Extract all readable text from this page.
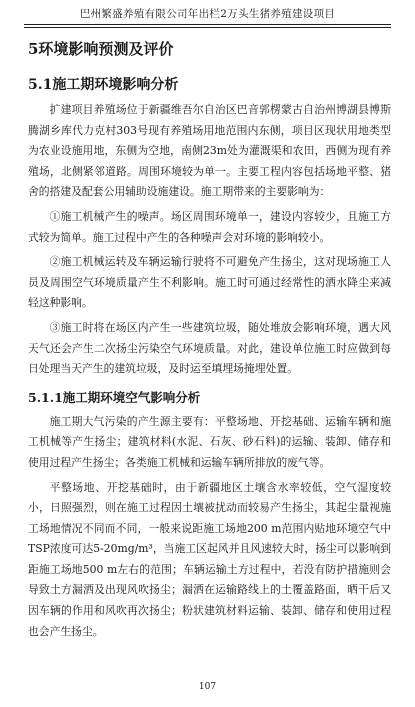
巴州繁盛养殖有限公司年出栏2万头生猪养殖建设项目
5环境影响预测及评价
5.1施工期环境影响分析

扩建项目养殖场位于新疆维吾尔自治区巴音郭楞蒙古自治州博湖县博斯腾湖乡库代力克村303号现有养殖场用地范围内东侧，项目区现状用地类型为农业设施用地，东侧为空地，南侧23m处为灌溉渠和农田，西侧为现有养殖场，北侧紧邻道路。周围环境较为单一。主要工程内容包括场地平整、猪舍的搭建及配套公用辅助设施建设。施工期带来的主要影响为：

①施工机械产生的噪声。场区周围环境单一，建设内容较少，且施工方式较为简单。施工过程中产生的各种噪声会对环境的影响较小。

②施工机械运转及车辆运输行驶将不可避免产生扬尘，这对现场施工人员及周围空气环境质量产生不利影响。施工时可通过经常性的洒水降尘来减轻这种影响。

③施工时将在场区内产生一些建筑垃圾，随处堆放会影响环境，遇大风天气还会产生二次扬尘污染空气环境质量。对此，建设单位施工时应做到每日处理当天产生的建筑垃圾，及时运至填埋场掩埋处置。

5.1.1施工期环境空气影响分析

施工期大气污染的产生源主要有：平整场地、开挖基础、运输车辆和施工机械等产生扬尘；建筑材料(水泥、石灰、砂石料)的运输、装卸、储存和使用过程产生扬尘；各类施工机械和运输车辆所排放的废气等。

平整场地、开挖基础时，由于新疆地区土壤含水率较低，空气湿度较小，日照强烈，则在施工过程因土壤被扰动而较易产生扬尘，其起尘量视施工场地情况不同而不同，一般来说距施工场地200 m范围内贴地环境空气中TSP浓度可达5-20mg/m³，当施工区起风并且风速较大时，扬尘可以影响到距施工场地500 m左右的范围；车辆运输土方过程中，若没有防护措施则会导致土方漏洒及出现风吹扬尘；漏洒在运输路线上的土覆盖路面，晒干后又因车辆的作用和风吹再次扬尘；粉状建筑材料运输、装卸、储存和使用过程也会产生扬尘。

107
